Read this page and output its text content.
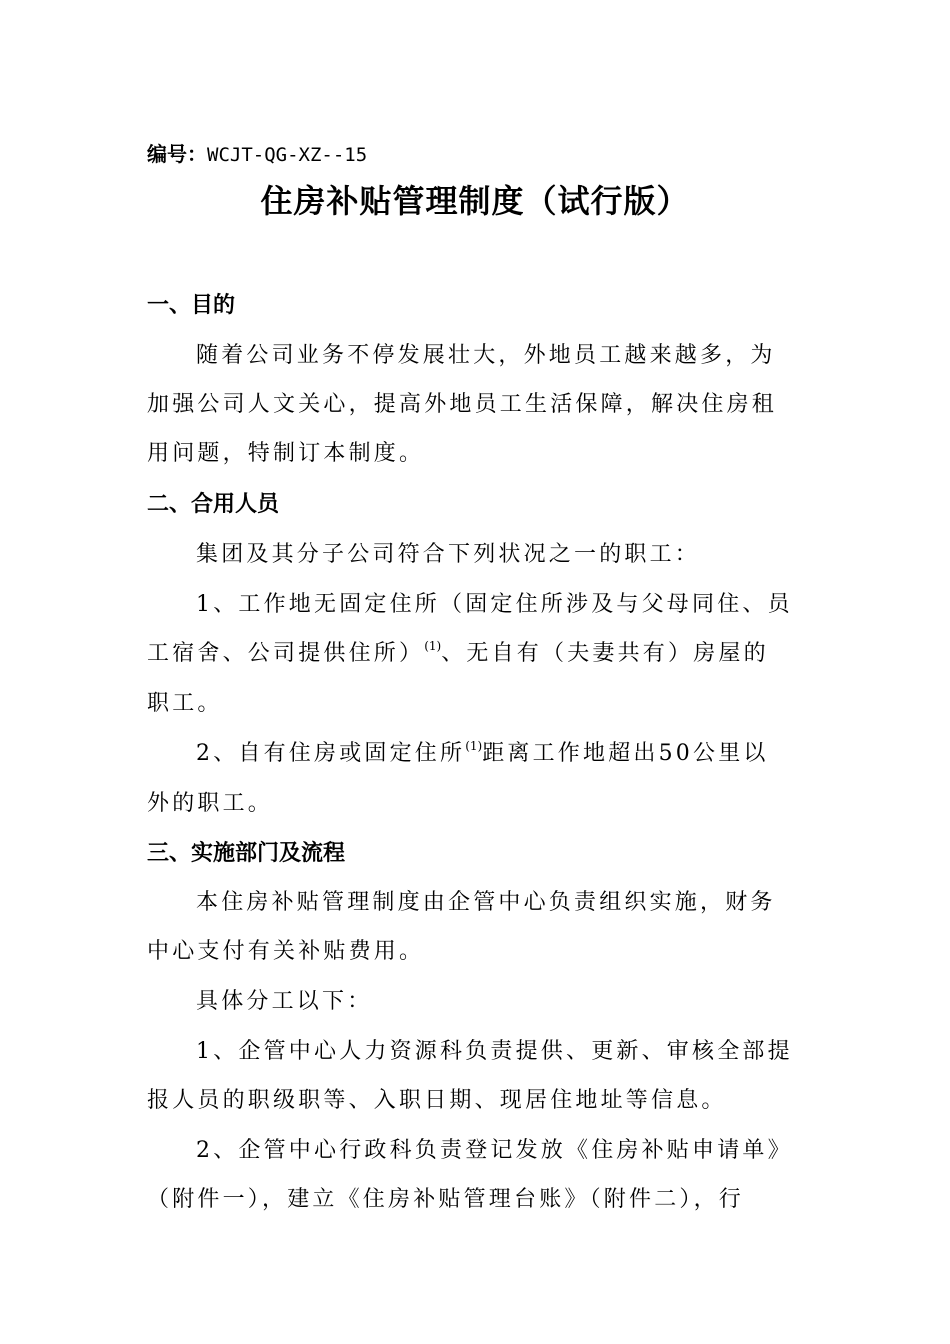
编号：WCJT-QG-XZ--15
住房补贴管理制度（试行版）
一、目的
随着公司业务不停发展壮大，外地员工越来越多，为
加强公司人文关心，提高外地员工生活保障，解决住房租
用问题，特制订本制度。
二、合用人员
集团及其分子公司符合下列状况之一的职工：
1、工作地无固定住所（固定住所涉及与父母同住、员
工宿舍、公司提供住所）$^{(1)}$、无自有（夫妻共有）房屋的
职工。
2、自有住房或固定住所$^{(1)}$距离工作地超出50公里以
外的职工。
三、实施部门及流程
本住房补贴管理制度由企管中心负责组织实施，财务
中心支付有关补贴费用。
具体分工以下：
1、企管中心人力资源科负责提供、更新、审核全部提
报人员的职级职等、入职日期、现居住地址等信息。
2、企管中心行政科负责登记发放《住房补贴申请单》
（附件一），建立《住房补贴管理台账》（附件二），行
